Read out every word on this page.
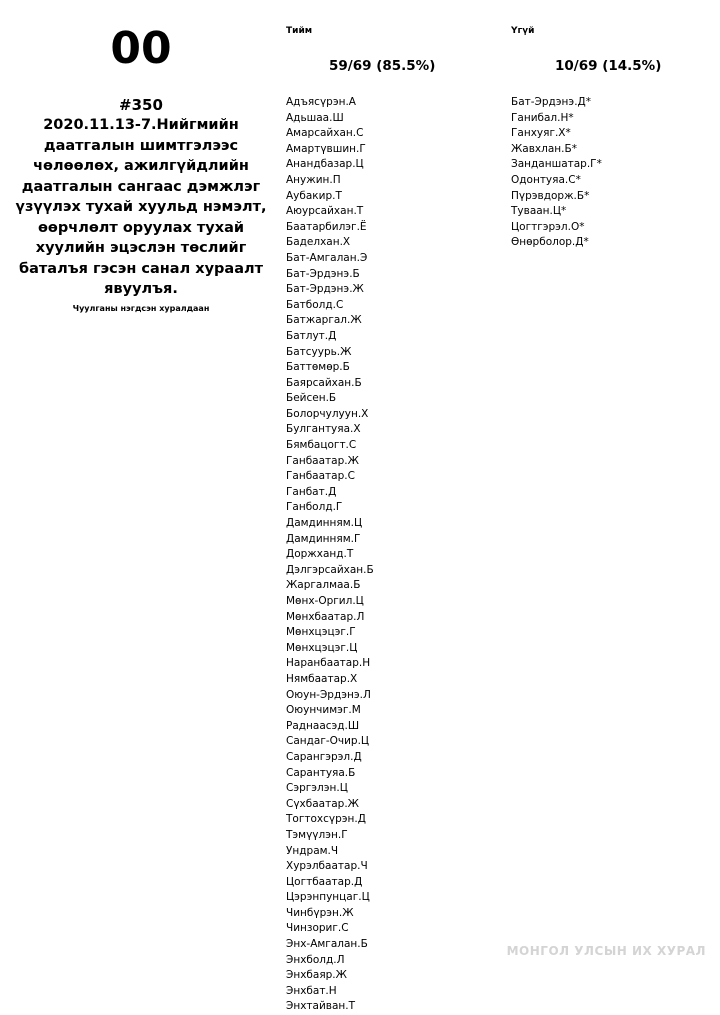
00
#350
2020.11.13-7.Нийгмийн даатгалын шимтгэлээс чөлөөлөх, ажилгүйдлийн даатгалын сангаас дэмжлэг үзүүлэх тухай хуульд нэмэлт, өөрчлөлт оруулах тухай хуулийн эцэслэн төслийг баталъя гэсэн санал хураалт явуулъя.
Чуулганы нэгдсэн хуралдаан
Тийм	Үгүй
59/69 (85.5%)	10/69 (14.5%)
Адъясүрэн.А
Адьшаа.Ш
Амарсайхан.С
Амартүвшин.Г
Анандбазар.Ц
Анужин.П
Аубакир.Т
Аюурсайхан.Т
Баатарбилэг.Ё
Баделхан.Х
Бат-Амгалан.Э
Бат-Эрдэнэ.Б
Бат-Эрдэнэ.Ж
Батболд.С
Батжаргал.Ж
Батлут.Д
Батсуурь.Ж
Баттөмөр.Б
Баярсайхан.Б
Бейсен.Б
Болорчулуун.Х
Булгантуяа.Х
Бямбацогт.С
Ганбаатар.Ж
Ганбаатар.С
Ганбат.Д
Ганболд.Г
Дамдинням.Ц
Дамдинням.Г
Доржханд.Т
Дэлгэрсайхан.Б
Жаргалмаа.Б
Мөнх-Оргил.Ц
Мөнхбаатар.Л
Мөнхцэцэг.Г
Мөнхцэцэг.Ц
Наранбаатар.Н
Нямбаатар.Х
Оюун-Эрдэнэ.Л
Оюунчимэг.М
Раднаасэд.Ш
Сандаг-Очир.Ц
Сарангэрэл.Д
Сарантуяа.Б
Сэргэлэн.Ц
Сүхбаатар.Ж
Тогтохсүрэн.Д
Тэмүүлэн.Г
Ундрам.Ч
Хурэлбаатар.Ч
Цогтбаатар.Д
Цэрэнпунцаг.Ц
Чинбүрэн.Ж
Чинзориг.С
Энх-Амгалан.Б
Энхболд.Л
Энхбаяр.Ж
Энхбат.Н
Энхтайван.Т
Бат-Эрдэнэ.Д*
Ганибал.Н*
Ганхуяг.Х*
Жавхлан.Б*
Занданшатар.Г*
Одонтуяа.С*
Пүрэвдорж.Б*
Туваан.Ц*
Цогтгэрэл.О*
Өнөрболор.Д*
МОНГОЛ УЛСЫН ИХ ХУРАЛ
